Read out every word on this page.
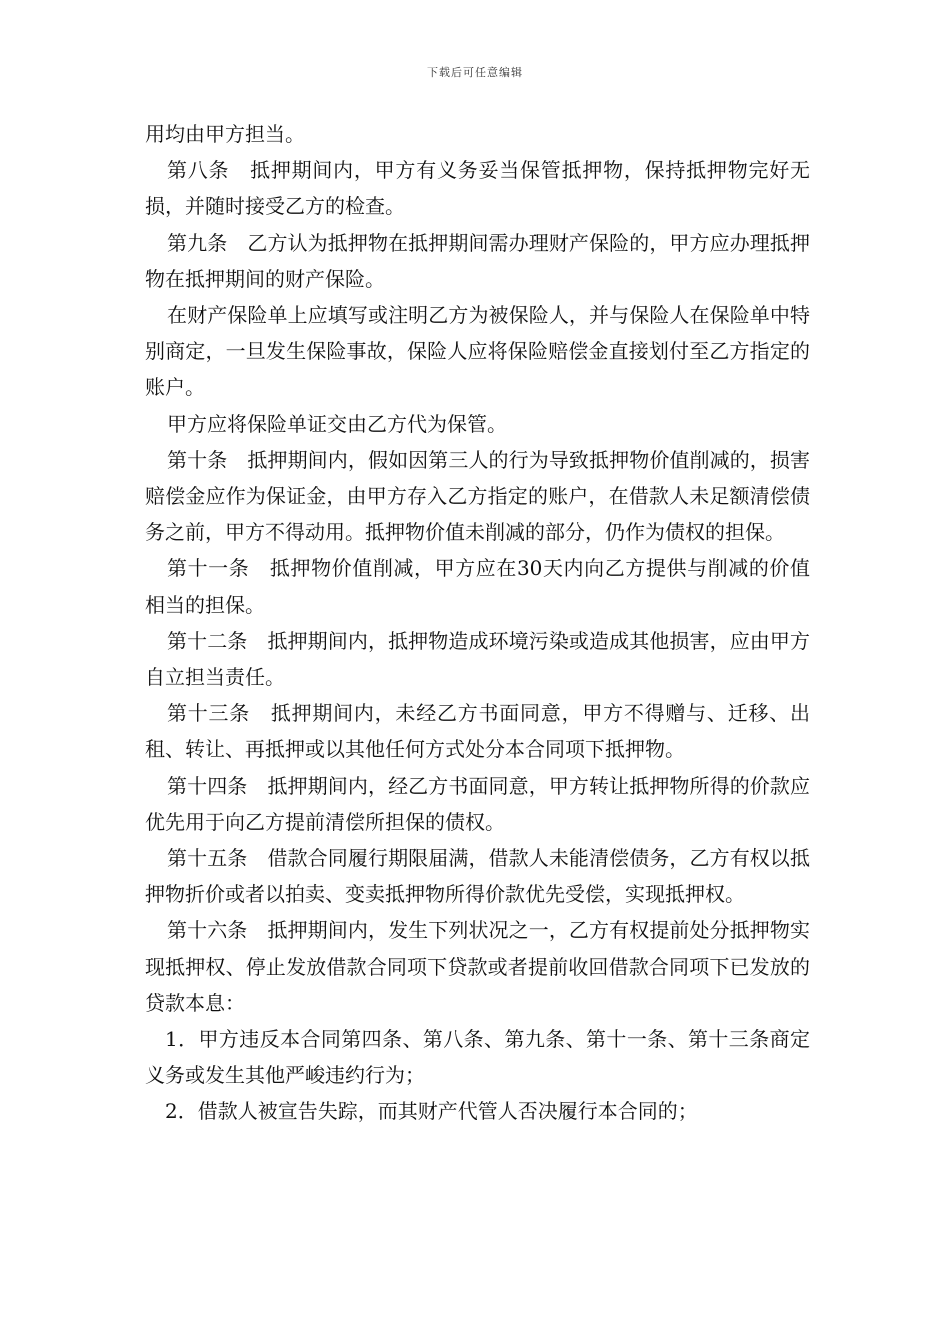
下载后可任意编辑

用均由甲方担当。

第八条　抵押期间内，甲方有义务妥当保管抵押物，保持抵押物完好无损，并随时接受乙方的检查。

第九条　乙方认为抵押物在抵押期间需办理财产保险的，甲方应办理抵押物在抵押期间的财产保险。

在财产保险单上应填写或注明乙方为被保险人，并与保险人在保险单中特别商定，一旦发生保险事故，保险人应将保险赔偿金直接划付至乙方指定的账户。

甲方应将保险单证交由乙方代为保管。

第十条　抵押期间内，假如因第三人的行为导致抵押物价值削减的，损害赔偿金应作为保证金，由甲方存入乙方指定的账户，在借款人未足额清偿债务之前，甲方不得动用。抵押物价值未削减的部分，仍作为债权的担保。

第十一条　抵押物价值削减，甲方应在30天内向乙方提供与削减的价值相当的担保。

第十二条　抵押期间内，抵押物造成环境污染或造成其他损害，应由甲方自立担当责任。

第十三条　抵押期间内，未经乙方书面同意，甲方不得赠与、迁移、出租、转让、再抵押或以其他任何方式处分本合同项下抵押物。

第十四条　抵押期间内，经乙方书面同意，甲方转让抵押物所得的价款应优先用于向乙方提前清偿所担保的债权。

第十五条　借款合同履行期限届满，借款人未能清偿债务，乙方有权以抵押物折价或者以拍卖、变卖抵押物所得价款优先受偿，实现抵押权。

第十六条　抵押期间内，发生下列状况之一，乙方有权提前处分抵押物实现抵押权、停止发放借款合同项下贷款或者提前收回借款合同项下已发放的贷款本息：

1．甲方违反本合同第四条、第八条、第九条、第十一条、第十三条商定义务或发生其他严峻违约行为；

2．借款人被宣告失踪，而其财产代管人否决履行本合同的；
